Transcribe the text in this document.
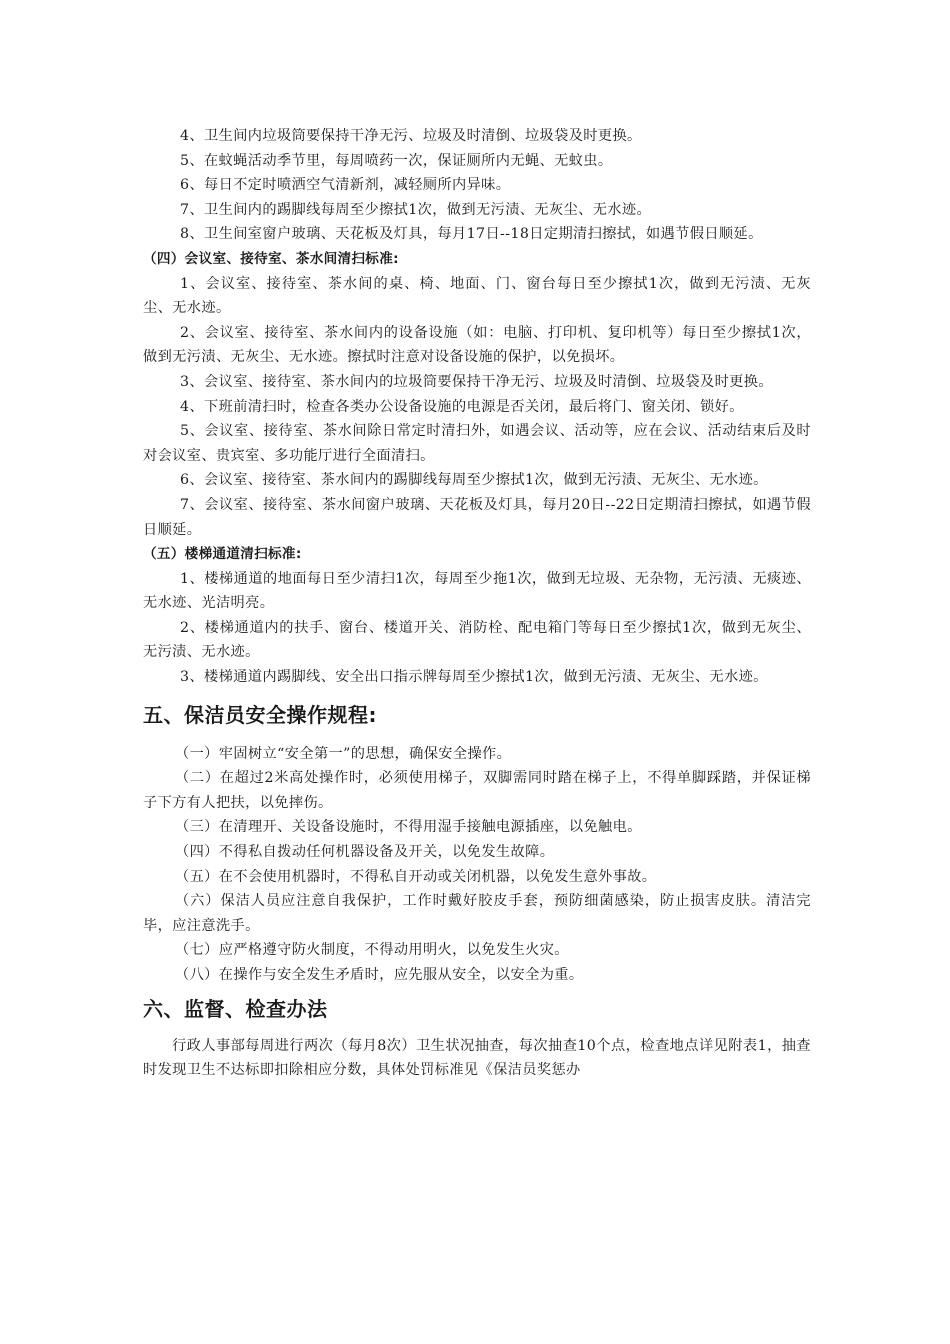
4、卫生间内垃圾筒要保持干净无污、垃圾及时清倒、垃圾袋及时更换。

5、在蚊蝇活动季节里，每周喷药一次，保证厕所内无蝇、无蚊虫。

6、每日不定时喷洒空气清新剂，减轻厕所内异味。

7、卫生间内的踢脚线每周至少擦拭1次，做到无污渍、无灰尘、无水迹。

8、卫生间室窗户玻璃、天花板及灯具，每月17日--18日定期清扫擦拭，如遇节假日顺延。

（四）会议室、接待室、茶水间清扫标准:

1、会议室、接待室、茶水间的桌、椅、地面、门、窗台每日至少擦拭1次，做到无污渍、无灰尘、无水迹。

2、会议室、接待室、茶水间内的设备设施（如：电脑、打印机、复印机等）每日至少擦拭1次，做到无污渍、无灰尘、无水迹。擦拭时注意对设备设施的保护，以免损坏。

3、会议室、接待室、茶水间内的垃圾筒要保持干净无污、垃圾及时清倒、垃圾袋及时更换。

4、下班前清扫时，检查各类办公设备设施的电源是否关闭，最后将门、窗关闭、锁好。

5、会议室、接待室、茶水间除日常定时清扫外，如遇会议、活动等，应在会议、活动结束后及时对会议室、贵宾室、多功能厅进行全面清扫。

6、会议室、接待室、茶水间内的踢脚线每周至少擦拭1次，做到无污渍、无灰尘、无水迹。

7、会议室、接待室、茶水间窗户玻璃、天花板及灯具，每月20日--22日定期清扫擦拭，如遇节假日顺延。

（五）楼梯通道清扫标准:

1、楼梯通道的地面每日至少清扫1次，每周至少拖1次，做到无垃圾、无杂物，无污渍、无痰迹、无水迹、光洁明亮。

2、楼梯通道内的扶手、窗台、楼道开关、消防栓、配电箱门等每日至少擦拭1次，做到无灰尘、无污渍、无水迹。

3、楼梯通道内踢脚线、安全出口指示牌每周至少擦拭1次，做到无污渍、无灰尘、无水迹。

五、保洁员安全操作规程:

（一）牢固树立“安全第一”的思想，确保安全操作。

（二）在超过2米高处操作时，必须使用梯子，双脚需同时踏在梯子上，不得单脚踩踏，并保证梯子下方有人把扶，以免摔伤。

（三）在清理开、关设备设施时，不得用湿手接触电源插座，以免触电。

（四）不得私自拨动任何机器设备及开关，以免发生故障。

（五）在不会使用机器时，不得私自开动或关闭机器，以免发生意外事故。

（六）保洁人员应注意自我保护，工作时戴好胶皮手套，预防细菌感染，防止损害皮肤。清洁完毕，应注意洗手。

（七）应严格遵守防火制度，不得动用明火，以免发生火灾。

（八）在操作与安全发生矛盾时，应先服从安全，以安全为重。

六、监督、检查办法

行政人事部每周进行两次（每月8次）卫生状况抽查，每次抽查10个点，检查地点详见附表1，抽查时发现卫生不达标即扣除相应分数，具体处罚标准见《保洁员奖惩办
